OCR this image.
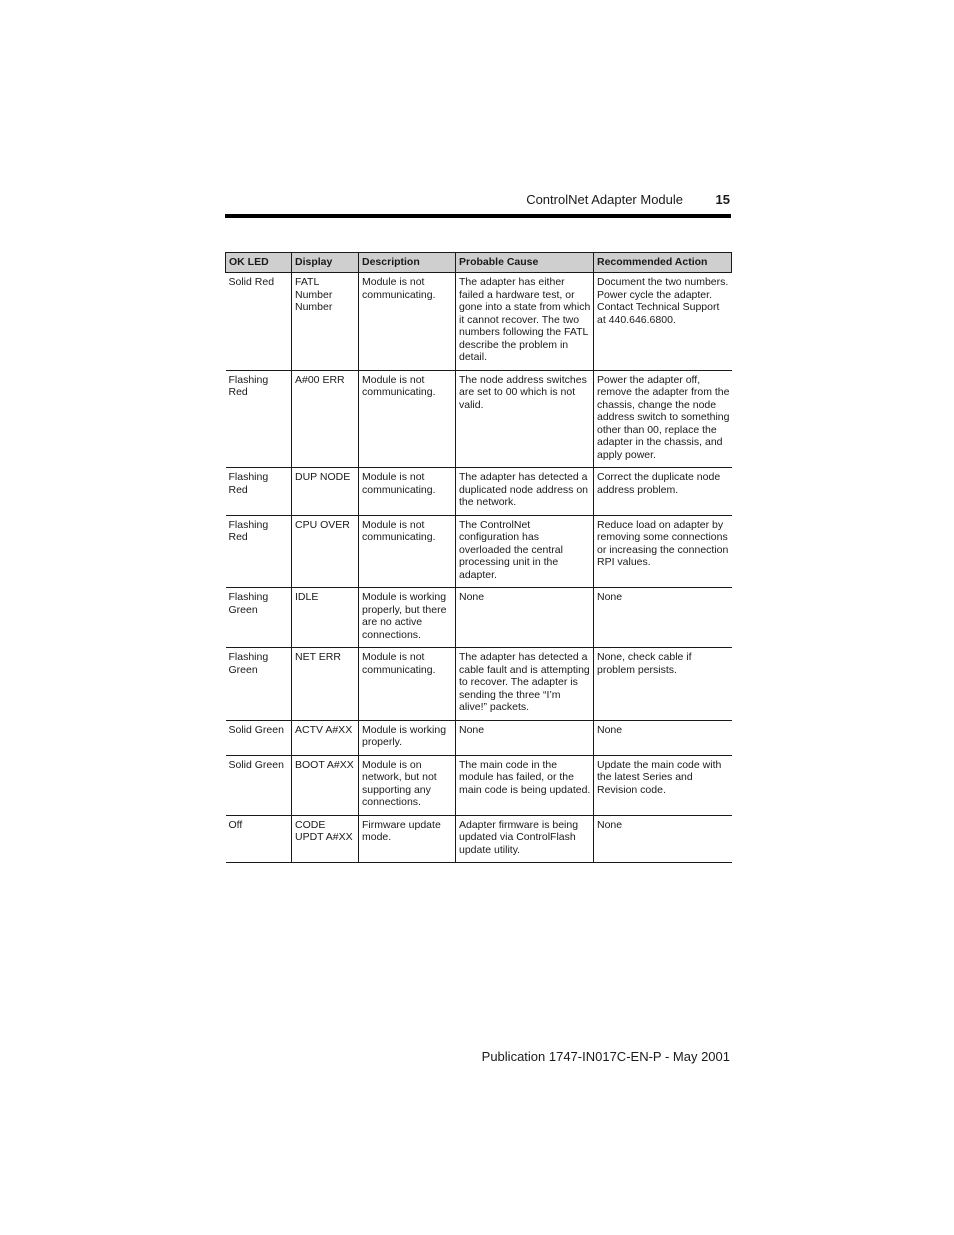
ControlNet Adapter Module	15
OK LED	Display	Description	Probable Cause	Recommended Action
Solid Red	FATL Number Number	Module is not communicating.	The adapter has either failed a hardware test, or gone into a state from which it cannot recover. The two numbers following the FATL describe the problem in detail.	Document the two numbers. Power cycle the adapter. Contact Technical Support at 440.646.6800.
Flashing Red	A#00 ERR	Module is not communicating.	The node address switches are set to 00 which is not valid.	Power the adapter off, remove the adapter from the chassis, change the node address switch to something other than 00, replace the adapter in the chassis, and apply power.
Flashing Red	DUP NODE	Module is not communicating.	The adapter has detected a duplicated node address on the network.	Correct the duplicate node address problem.
Flashing Red	CPU OVER	Module is not communicating.	The ControlNet configuration has overloaded the central processing unit in the adapter.	Reduce load on adapter by removing some connections or increasing the connection RPI values.
Flashing Green	IDLE	Module is working properly, but there are no active connections.	None	None
Flashing Green	NET ERR	Module is not communicating.	The adapter has detected a cable fault and is attempting to recover. The adapter is sending the three “I’m alive!” packets.	None, check cable if problem persists.
Solid Green	ACTV A#XX	Module is working properly.	None	None
Solid Green	BOOT A#XX	Module is on network, but not supporting any connections.	The main code in the module has failed, or the main code is being updated.	Update the main code with the latest Series and Revision code.
Off	CODE UPDT A#XX	Firmware update mode.	Adapter firmware is being updated via ControlFlash update utility.	None
Publication 1747-IN017C-EN-P - May 2001
